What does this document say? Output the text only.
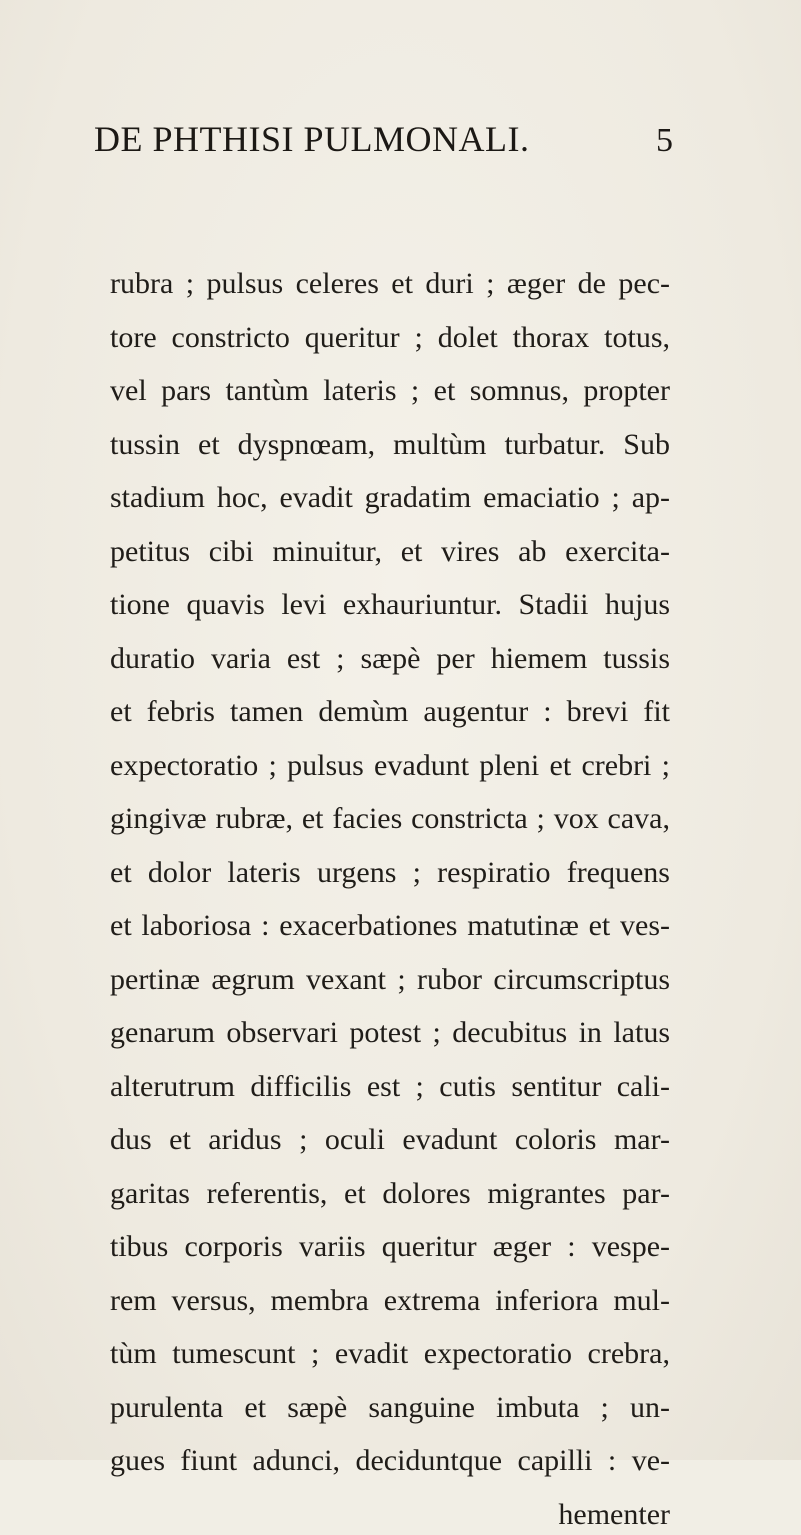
DE PHTHISI PULMONALI.	5
rubra ; pulsus celeres et duri ; æger de pec-
tore constricto queritur ; dolet thorax totus,
vel pars tantùm lateris ; et somnus, propter
tussin et dyspnœam, multùm turbatur. Sub
stadium hoc, evadit gradatim emaciatio ; ap-
petitus cibi minuitur, et vires ab exercita-
tione quavis levi exhauriuntur. Stadii hujus
duratio varia est ; sæpè per hiemem tussis
et febris tamen demùm augentur : brevi fit
expectoratio ; pulsus evadunt pleni et crebri ;
gingivæ rubræ, et facies constricta ; vox cava,
et dolor lateris urgens ; respiratio frequens
et laboriosa : exacerbationes matutinæ et ves-
pertinæ ægrum vexant ; rubor circumscriptus
genarum observari potest ; decubitus in latus
alterutrum difficilis est ; cutis sentitur cali-
dus et aridus ; oculi evadunt coloris mar-
garitas referentis, et dolores migrantes par-
tibus corporis variis queritur æger : vespe-
rem versus, membra extrema inferiora mul-
tùm tumescunt ; evadit expectoratio crebra,
purulenta et sæpè sanguine imbuta ; un-
gues fiunt adunci, deciduntque capilli : ve-
hementer
